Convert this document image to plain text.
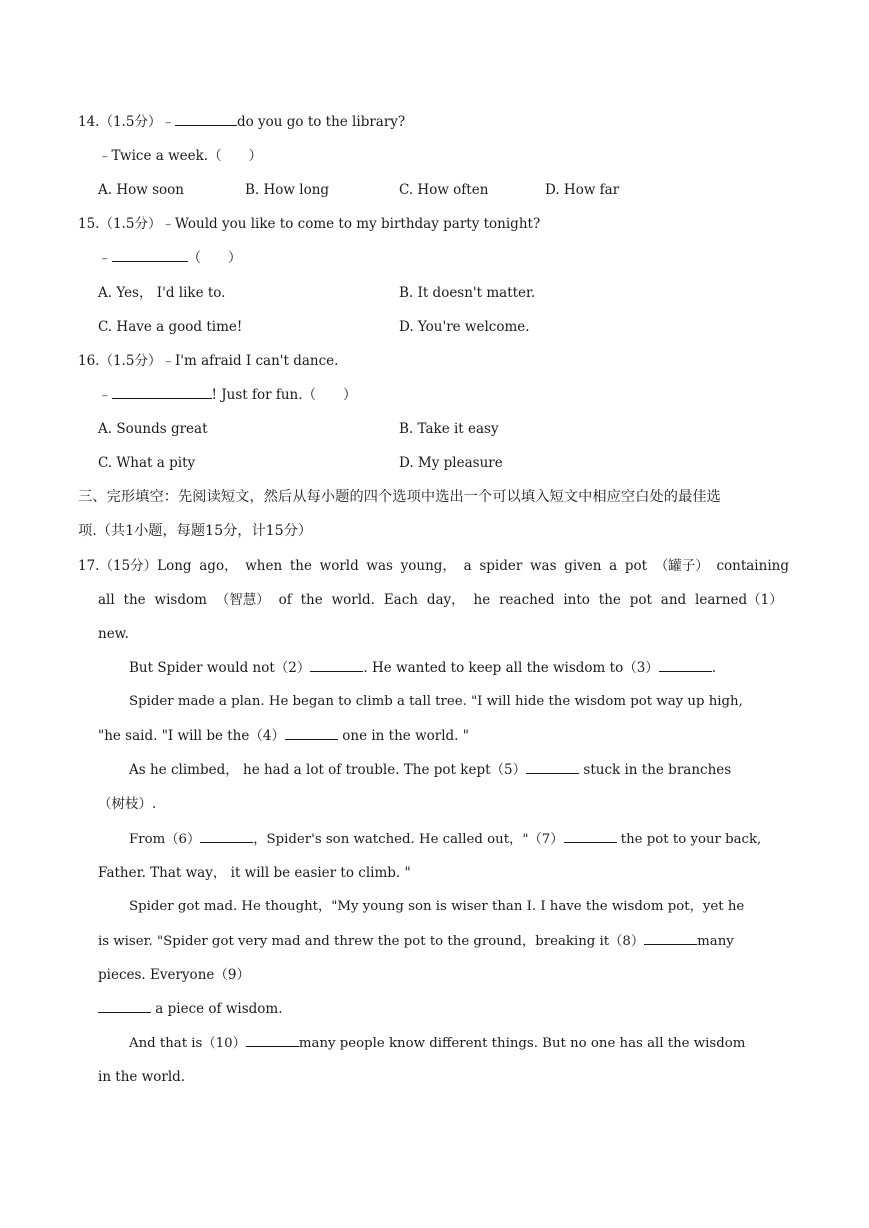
14.（1.5分）﹣	do you go to the library?
﹣Twice a week.（　　）
A. How soon	B. How long	C. How often	D. How far
15.（1.5分）﹣Would you like to come to my birthday party tonight?
﹣	（　　）
A. Yes， I'd like to.	B. It doesn't matter.
C. Have a good time!	D. You're welcome.
16.（1.5分）﹣I'm afraid I can't dance.
﹣	! Just for fun.（　　）
A. Sounds great	B. Take it easy
C. What a pity	D. My pleasure
三、完形填空：先阅读短文，然后从每小题的四个选项中选出一个可以填入短文中相应空白处的最佳选
项.（共1小题，每题15分，计15分）
17.（15分）Long ago， when the world was young， a spider was given a pot （罐子） containing
all the wisdom （智慧） of the world. Each day， he reached into the pot and learned（1）
new.
But Spider would not（2）	. He wanted to keep all the wisdom to（3）	.
Spider made a plan. He began to climb a tall tree. "I will hide the wisdom pot way up high,
"he said. "I will be the（4）	one in the world. "
As he climbed， he had a lot of trouble. The pot kept（5）	stuck in the branches
（树枝）.
From（6）	，Spider's son watched. He called out，"（7）	the pot to your back,
Father. That way， it will be easier to climb. "
Spider got mad. He thought，"My young son is wiser than I. I have the wisdom pot，yet he
is wiser. "Spider got very mad and threw the pot to the ground，breaking it（8）	many
pieces. Everyone（9）
a piece of wisdom.
And that is（10）	many people know different things. But no one has all the wisdom
in the world.
